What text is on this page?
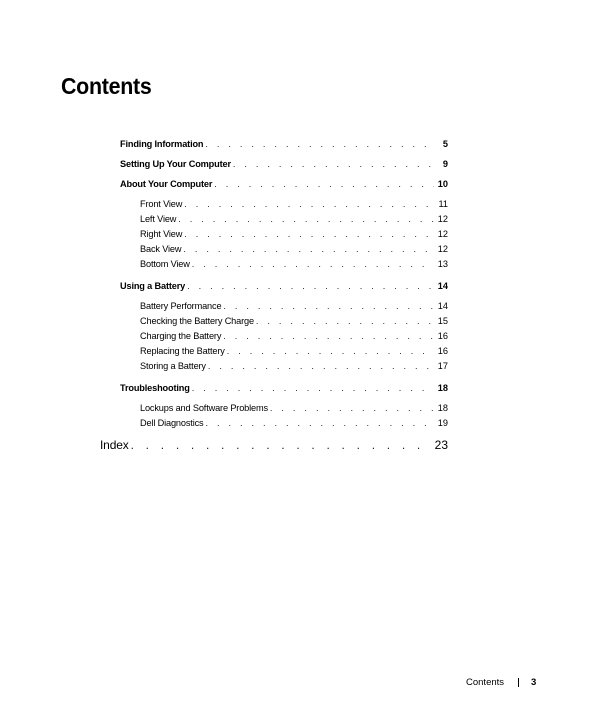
Contents
Finding Information . . .	5
Setting Up Your Computer . . .	9
About Your Computer . . .	10
Front View . . .	11
Left View . . .	12
Right View . . .	12
Back View . . .	12
Bottom View . . .	13
Using a Battery . . .	14
Battery Performance . . .	14
Checking the Battery Charge . . .	15
Charging the Battery . . .	16
Replacing the Battery . . .	16
Storing a Battery . . .	17
Troubleshooting . . .	18
Lockups and Software Problems . . .	18
Dell Diagnostics . . .	19
Index . . .	23
Contents	3
